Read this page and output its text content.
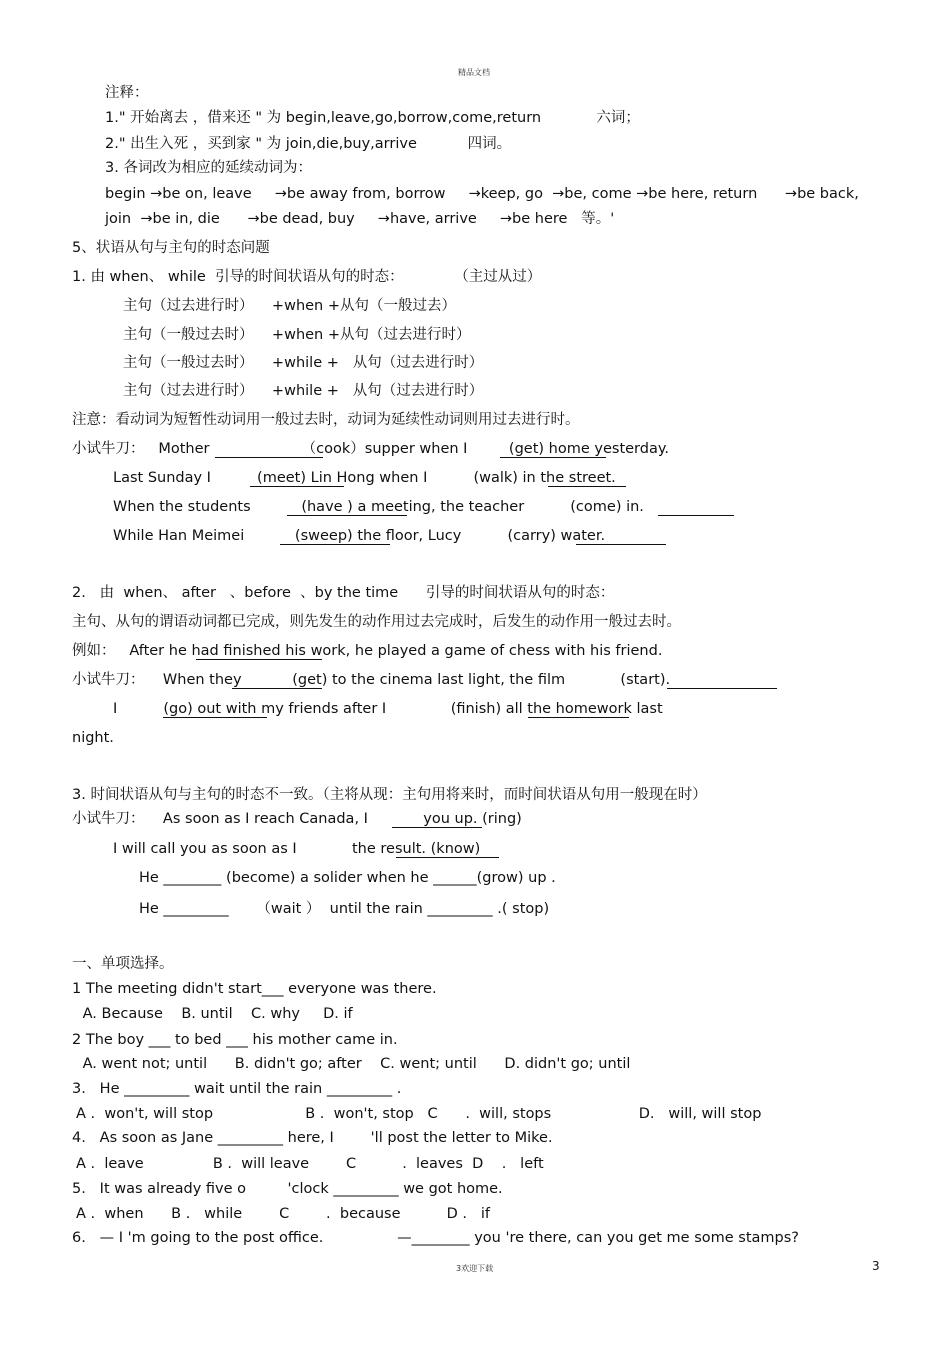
精品文档
注释：
1." 开始离去 ，借来还 " 为 begin,leave,go,borrow,come,return            六词；
2." 出生入死 ，买到家 " 为 join,die,buy,arrive           四词。
3. 各词改为相应的延续动词为：
begin →be on, leave     →be away from, borrow     →keep, go  →be, come →be here, return      →be back,
join  →be in, die      →be dead, buy     →have, arrive     →be here   等。'
5、状语从句与主句的时态问题
1. 由 when、 while  引导的时间状语从句的时态：           （主过从过）
主句（过去进行时）    +when +从句（一般过去）
主句（一般过去时）    +when +从句（过去进行时）
主句（一般过去时）    +while +   从句（过去进行时）
主句（过去进行时）    +while +   从句（过去进行时）
注意：看动词为短暂性动词用一般过去时，动词为延续性动词则用过去进行时。
小试牛刀：   Mother                    （cook）supper when I         (get) home yesterday.
Last Sunday I          (meet) Lin Hong when I          (walk) in the street.
When the students           (have ) a meeting, the teacher          (come) in.
While Han Meimei           (sweep) the floor, Lucy          (carry) water.
2.   由  when、 after   、before  、by the time      引导的时间状语从句的时态：
主句、从句的谓语动词都已完成，则先发生的动作用过去完成时，后发生的动作用一般过去时。
例如：   After he had finished his work, he played a game of chess with his friend.
小试牛刀：    When they           (get) to the cinema last light, the film            (start).
I          (go) out with my friends after I              (finish) all the homework last
night.
3. 时间状语从句与主句的时态不一致。（主将从现：主句用将来时，而时间状语从句用一般现在时）
小试牛刀：    As soon as I reach Canada, I            you up. (ring)
I will call you as soon as I            the result. (know)
He ________ (become) a solider when he ______(grow) up .
He _________      （wait ）  until the rain _________ .( stop)
一、单项选择。
1 The meeting didn't start___ everyone was there.
A. Because    B. until    C. why     D. if
2 The boy ___ to bed ___ his mother came in.
A. went not; until      B. didn't go; after    C. went; until      D. didn't go; until
3.   He _________ wait until the rain _________ .
A .  won't, will stop                    B .  won't, stop   C      .  will, stops                   D.   will, will stop
4.   As soon as Jane _________ here, I        'll post the letter to Mike.
A .  leave               B .  will leave        C          .  leaves  D    .   left
5.   It was already five o         'clock _________ we got home.
A .  when      B .   while        C        .  because          D .   if
6.   — I 'm going to the post office.                —________ you 're there, can you get me some stamps?
3欢迎下载	3
